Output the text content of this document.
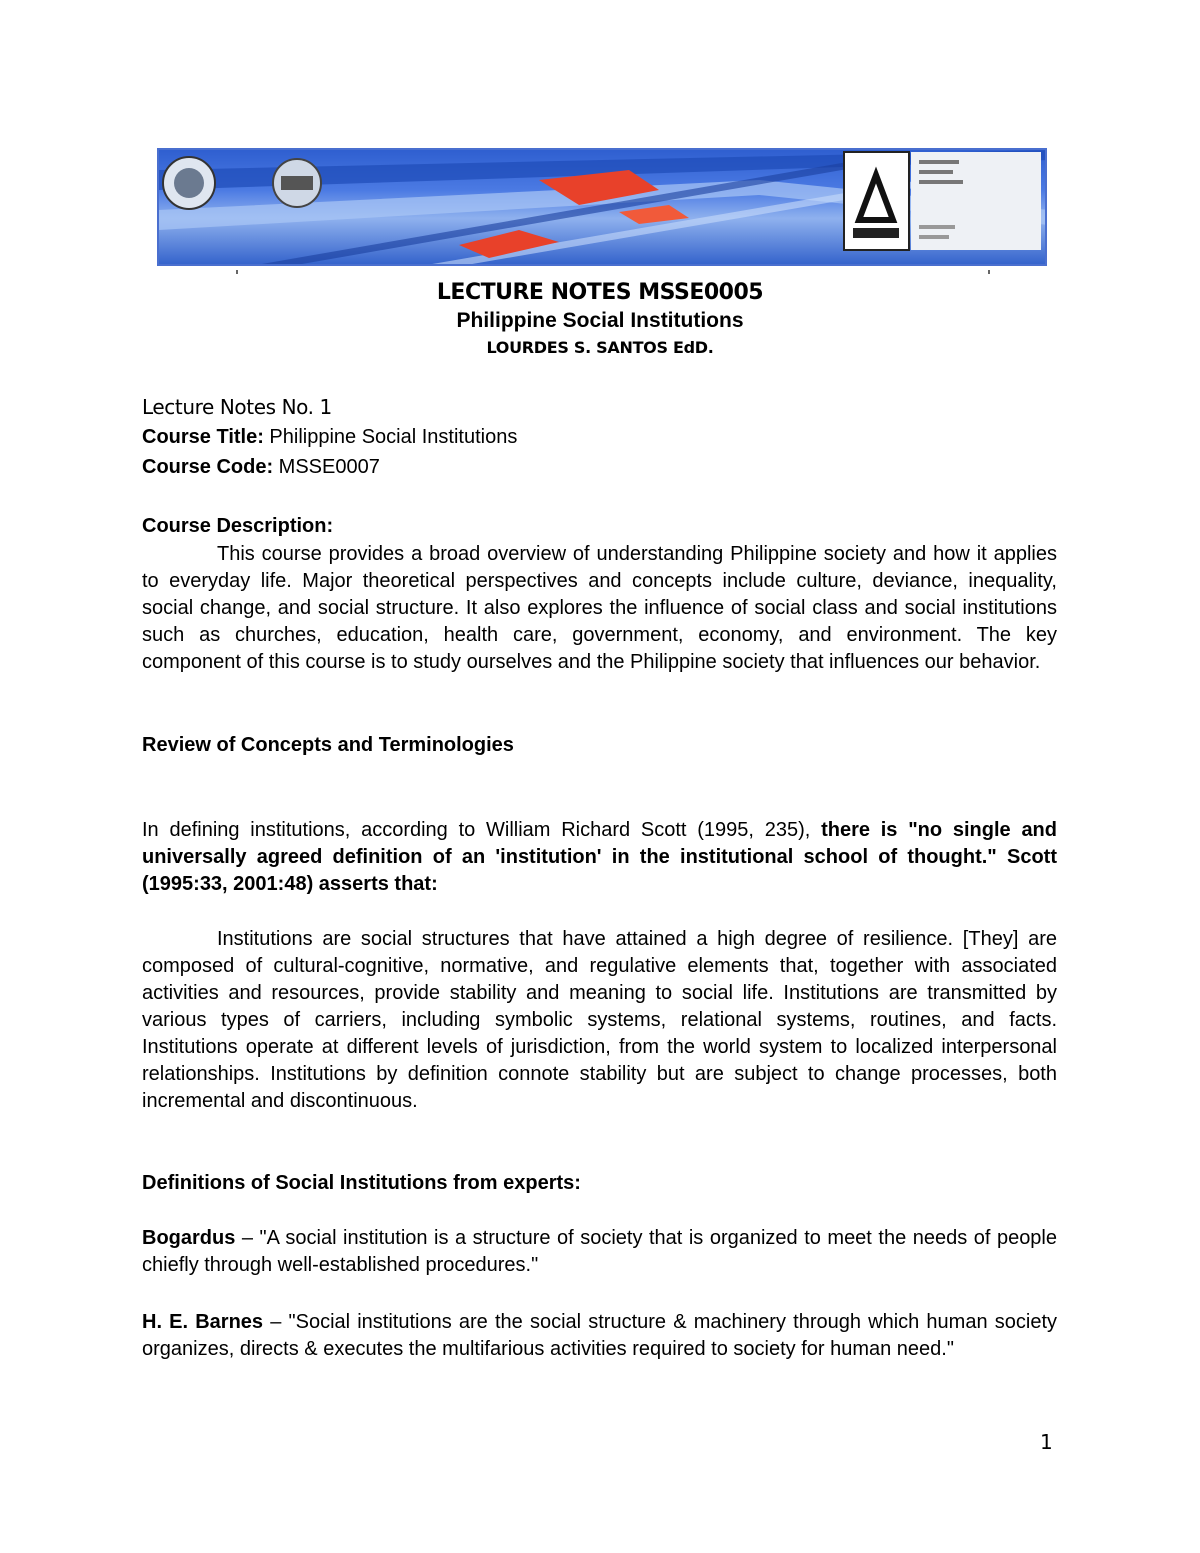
LECTURE NOTES MSSE0005

Philippine Social Institutions

LOURDES S. SANTOS EdD.

Lecture Notes No. 1

Course Title: Philippine Social Institutions

Course Code: MSSE0007

Course Description:

This course provides a broad overview of understanding Philippine society and how it applies to everyday life. Major theoretical perspectives and concepts include culture, deviance, inequality, social change, and social structure. It also explores the influence of social class and social institutions such as churches, education, health care, government, economy, and environment. The key component of this course is to study ourselves and the Philippine society that influences our behavior.

Review of Concepts and Terminologies

In defining institutions, according to William Richard Scott (1995, 235), there is "no single and universally agreed definition of an 'institution' in the institutional school of thought." Scott (1995:33, 2001:48) asserts that:

Institutions are social structures that have attained a high degree of resilience. [They] are composed of cultural-cognitive, normative, and regulative elements that, together with associated activities and resources, provide stability and meaning to social life. Institutions are transmitted by various types of carriers, including symbolic systems, relational systems, routines, and facts. Institutions operate at different levels of jurisdiction, from the world system to localized interpersonal relationships. Institutions by definition connote stability but are subject to change processes, both incremental and discontinuous.

Definitions of Social Institutions from experts:

Bogardus – "A social institution is a structure of society that is organized to meet the needs of people chiefly through well-established procedures."

H. E. Barnes – "Social institutions are the social structure & machinery through which human society organizes, directs & executes the multifarious activities required to society for human need."

1
